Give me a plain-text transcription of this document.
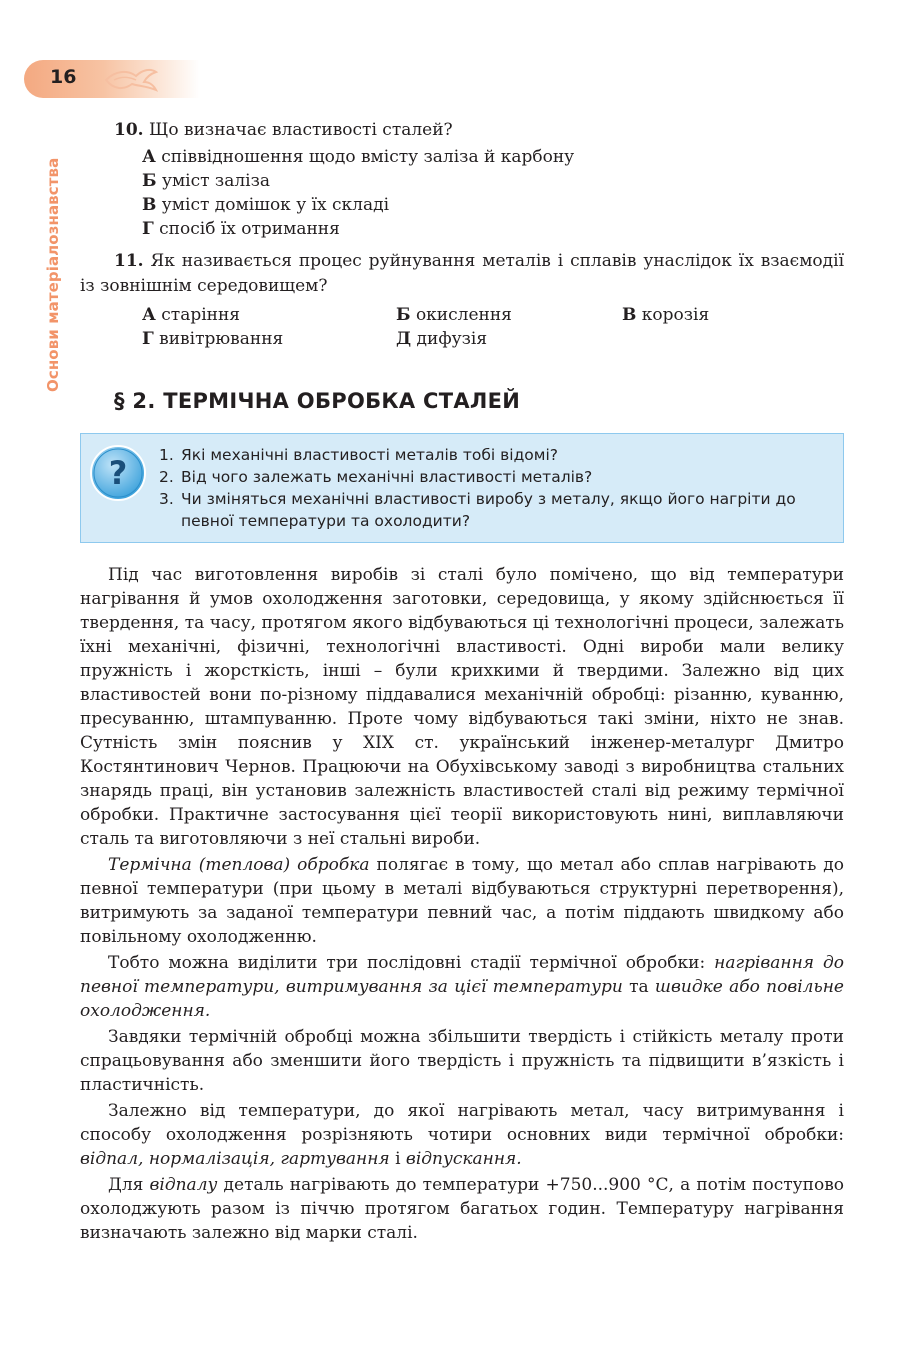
16
Основи матеріалознавства

10. Що визначає властивості сталей?

А співвідношення щодо вмісту заліза й карбону
Б уміст заліза
В уміст домішок у їх складі
Г спосіб їх отримання

11. Як називається процес руйнування металів і сплавів унаслідок їх взаємодії із зовнішнім середовищем?

А старіння	Б окислення	В корозія
Г вивітрювання	Д дифузія
§ 2. ТЕРМІЧНА ОБРОБКА СТАЛЕЙ
? 1. Які механічні властивості металів тобі відомі?
2. Від чого залежать механічні властивості металів?
3. Чи зміняться механічні властивості виробу з металу, якщо його нагріти до певної температури та охолодити?

Під час виготовлення виробів зі сталі було помічено, що від температури нагрівання й умов охолодження заготовки, середовища, у якому здійснюється її твердення, та часу, протягом якого відбуваються ці технологічні процеси, залежать їхні механічні, фізичні, технологічні властивості. Одні вироби мали велику пружність і жорсткість, інші – були крихкими й твердими. Залежно від цих властивостей вони по-різному піддавалися механічній обробці: різанню, куванню, пресуванню, штампуванню. Проте чому відбуваються такі зміни, ніхто не знав. Сутність змін пояснив у XIX ст. український інженер-металург Дмитро Костянтинович Чернов. Працюючи на Обухівському заводі з виробництва стальних знарядь праці, він установив залежність властивостей сталі від режиму термічної обробки. Практичне застосування цієї теорії використовують нині, виплавляючи сталь та виготовляючи з неї стальні вироби.

Термічна (теплова) обробка полягає в тому, що метал або сплав нагрівають до певної температури (при цьому в металі відбуваються структурні перетворення), витримують за заданої температури певний час, а потім піддають швидкому або повільному охолодженню.

Тобто можна виділити три послідовні стадії термічної обробки: нагрівання до певної температури, витримування за цієї температури та швидке або повільне охолодження.

Завдяки термічній обробці можна збільшити твердість і стійкість металу проти спрацьовування або зменшити його твердість і пружність та підвищити в’язкість і пластичність.

Залежно від температури, до якої нагрівають метал, часу витримування і способу охолодження розрізняють чотири основних види термічної обробки: відпал, нормалізація, гартування і відпускання.

Для відпалу деталь нагрівають до температури +750...900 °С, а потім поступово охолоджують разом із піччю протягом багатьох годин. Температуру нагрівання визначають залежно від марки сталі.
